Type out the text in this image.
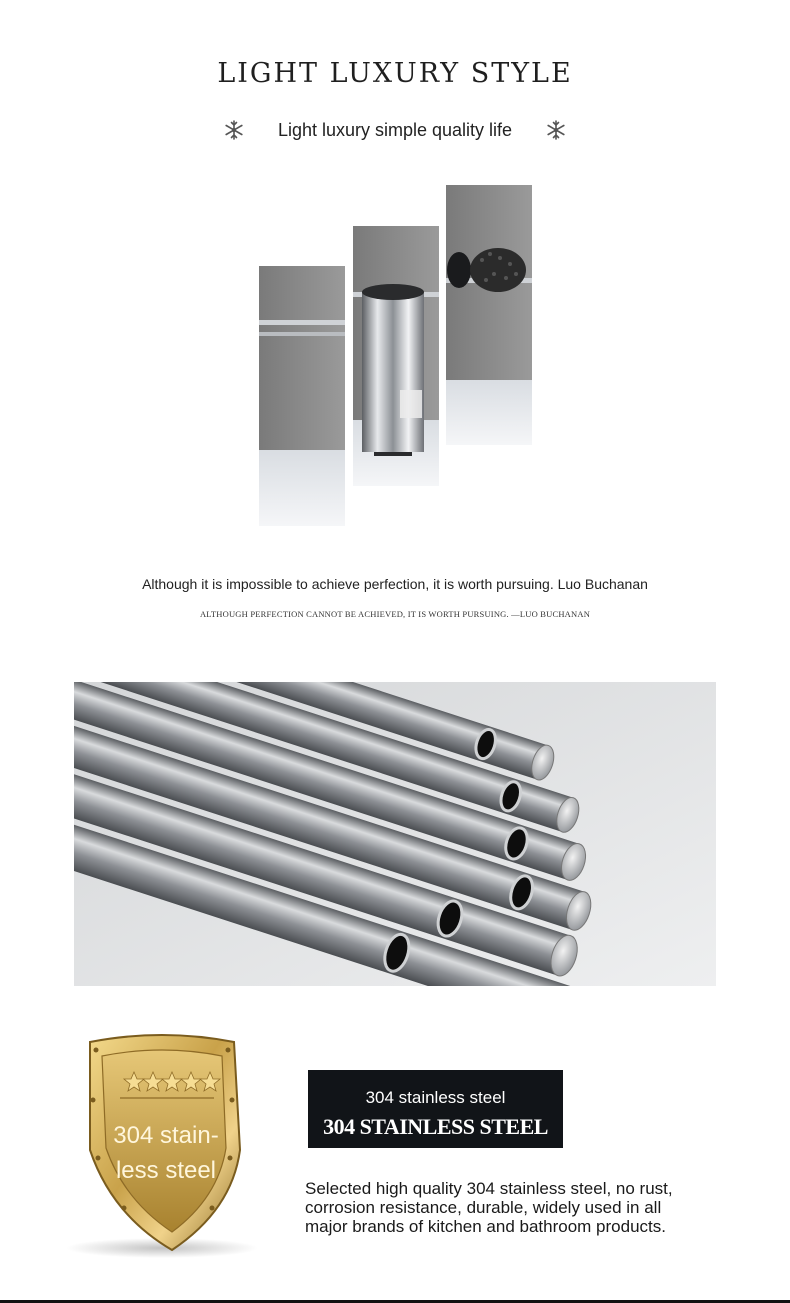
LIGHT LUXURY STYLE
Light luxury simple quality life
Although it is impossible to achieve perfection, it is worth pursuing. Luo Buchanan
ALTHOUGH PERFECTION CANNOT BE ACHIEVED, IT IS WORTH PURSUING. —LUO BUCHANAN
304 stain-
less steel
304 stainless steel
304 STAINLESS STEEL
Selected high quality 304 stainless steel, no rust,
corrosion resistance, durable, widely used in all
major brands of kitchen and bathroom products.
